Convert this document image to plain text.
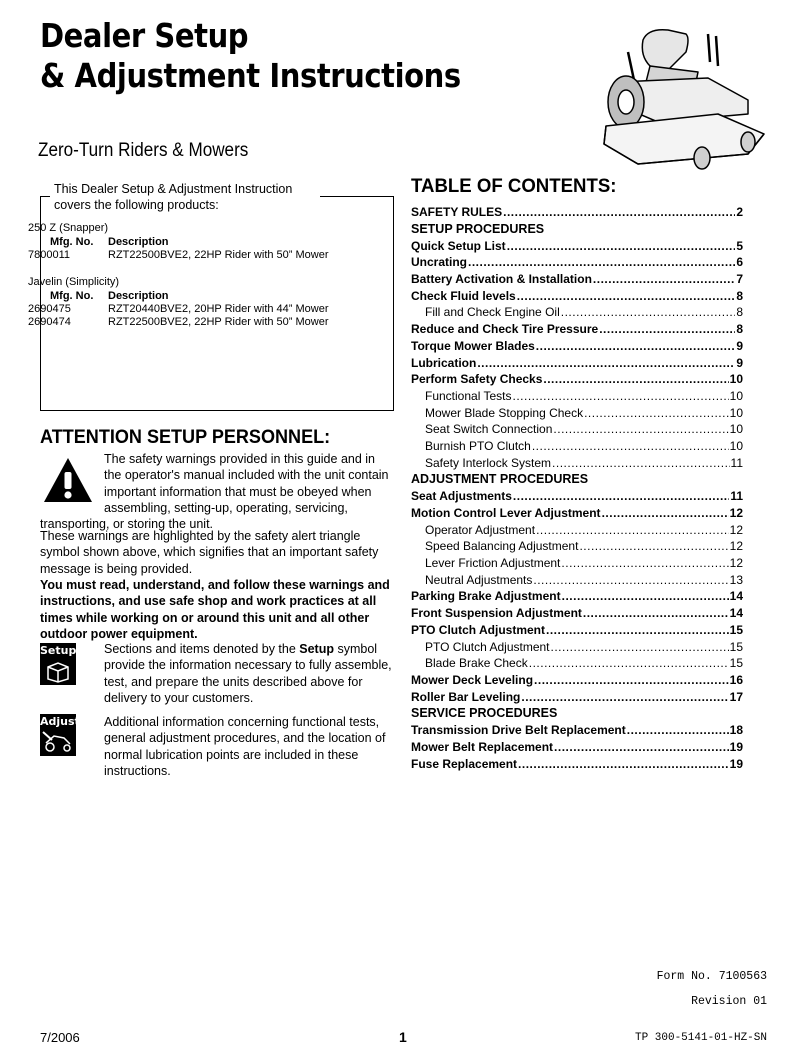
Dealer Setup
& Adjustment Instructions
Zero-Turn Riders & Mowers
This Dealer Setup & Adjustment Instruction covers the following products:
250 Z (Snapper)
Mfg. No. Description
7800011	RZT22500BVE2, 22HP Rider with 50” Mower
Javelin (Simplicity)
Mfg. No. Description
2690475	RZT20440BVE2, 20HP Rider with 44” Mower
2690474	RZT22500BVE2, 22HP Rider with 50” Mower
ATTENTION SETUP PERSONNEL:
The safety warnings provided in this guide and in the operator's manual included with the unit contain important information that must be obeyed when assembling, setting-up, operating, servicing, transporting, or storing the unit.
These warnings are highlighted by the safety alert triangle symbol shown above, which signifies that an important safety message is being provided.
You must read, understand, and follow these warnings and instructions, and use safe shop and work practices at all times while working on or around this unit and all other outdoor power equipment.
Setup Sections and items denoted by the Setup symbol provide the information necessary to fully assemble, test, and prepare the units described above for delivery to your customers.
Adjust Additional information concerning functional tests, general adjustment procedures, and the location of normal lubrication points are included in these instructions.
TABLE OF CONTENTS:
SAFETY RULES .....	2
SETUP PROCEDURES
Quick Setup List .....	5
Uncrating .....	6
Battery Activation & Installation .....	7
Check Fluid levels .....	8
Fill and Check Engine Oil .....	8
Reduce and Check Tire Pressure .....	8
Torque Mower Blades .....	9
Lubrication .....	9
Perform Safety Checks .....	10
Functional Tests .....	10
Mower Blade Stopping Check .....	10
Seat Switch Connection .....	10
Burnish PTO Clutch .....	10
Safety Interlock System .....	11
ADJUSTMENT PROCEDURES
Seat Adjustments .....	11
Motion Control Lever Adjustment .....	12
Operator Adjustment .....	12
Speed Balancing Adjustment .....	12
Lever Friction Adjustment .....	12
Neutral Adjustments .....	13
Parking Brake Adjustment .....	14
Front Suspension Adjustment .....	14
PTO Clutch Adjustment .....	15
PTO Clutch Adjustment .....	15
Blade Brake Check .....	15
Mower Deck Leveling .....	16
Roller Bar Leveling .....	17
SERVICE PROCEDURES
Transmission Drive Belt Replacement .....	18
Mower Belt Replacement .....	19
Fuse Replacement .....	19
Form No. 7100563
Revision 01
7/2006	1	TP 300-5141-01-HZ-SN
